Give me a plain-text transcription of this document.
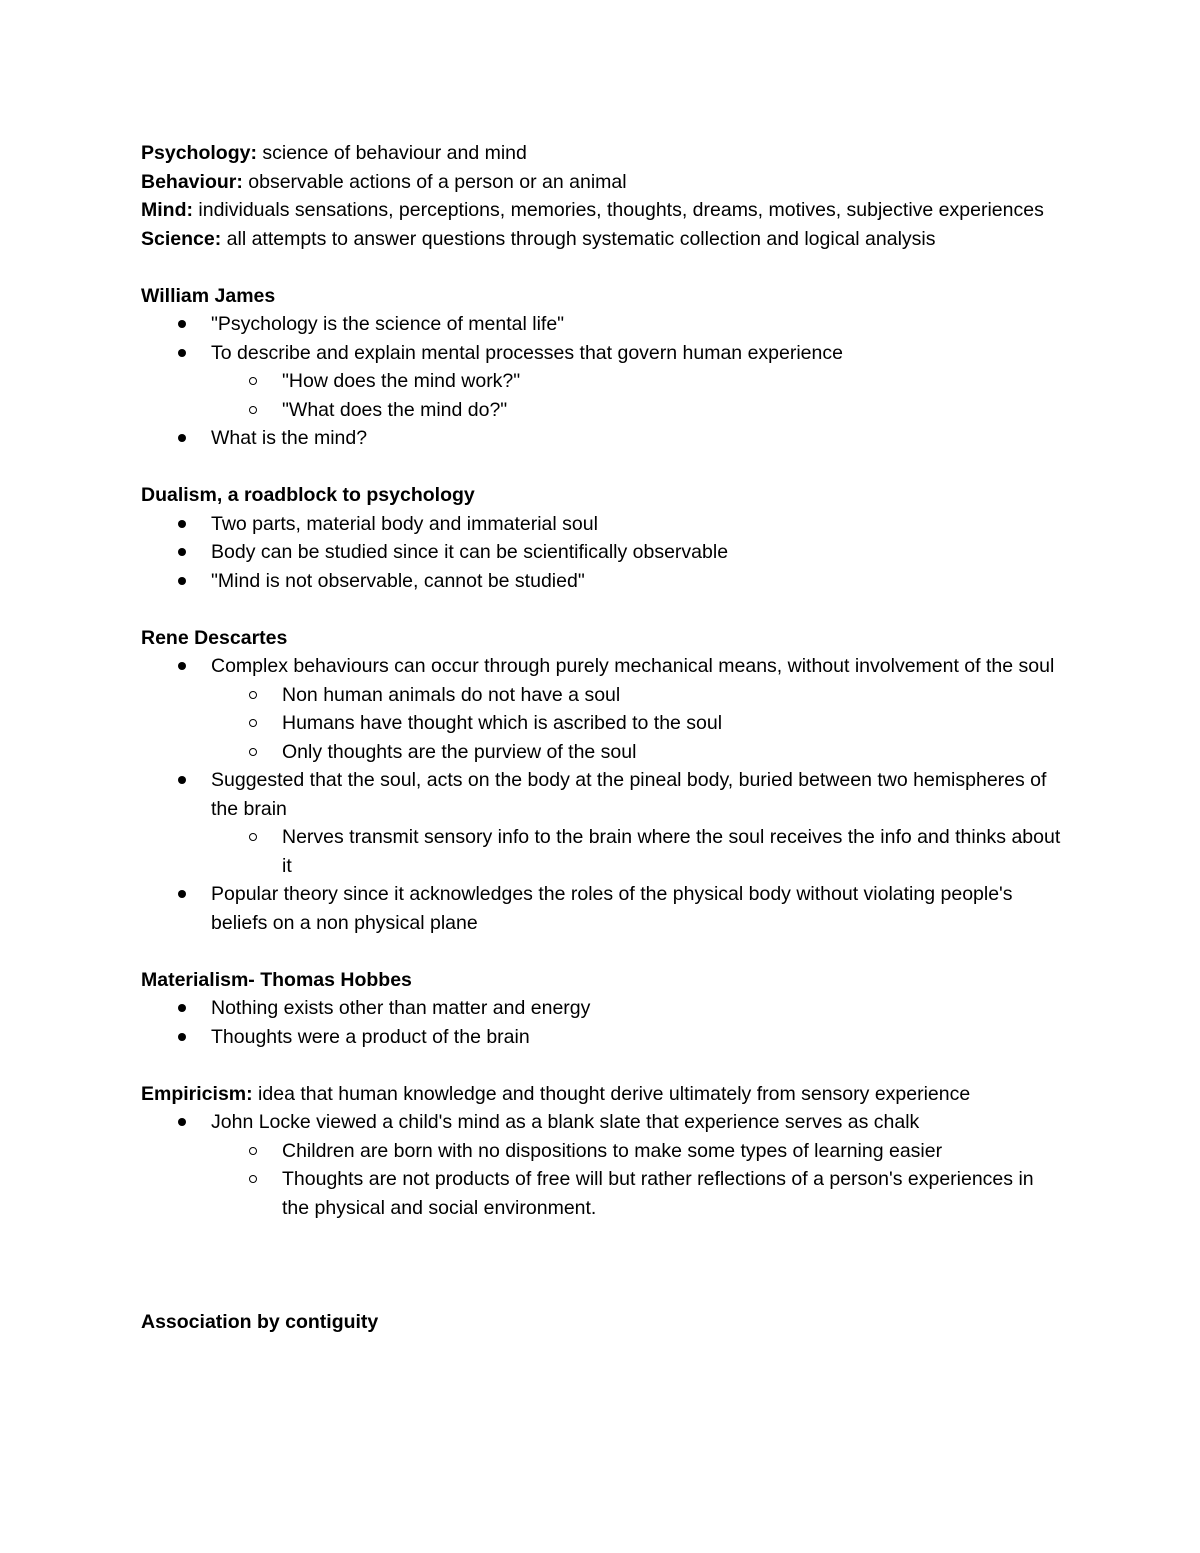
Psychology: science of behaviour and mind

Behaviour: observable actions of a person or an animal

Mind: individuals sensations, perceptions, memories, thoughts, dreams, motives, subjective experiences

Science: all attempts to answer questions through systematic collection and logical analysis

William James

"Psychology is the science of mental life"
To describe and explain mental processes that govern human experience
"How does the mind work?"
"What does the mind do?"
What is the mind?

Dualism, a roadblock to psychology

Two parts, material body and immaterial soul
Body can be studied since it can be scientifically observable
"Mind is not observable, cannot be studied"

Rene Descartes

Complex behaviours can occur through purely mechanical means, without involvement of the soul
Non human animals do not have a soul
Humans have thought which is ascribed to the soul
Only thoughts are the purview of the soul
Suggested that the soul, acts on the body at the pineal body, buried between two hemispheres of the brain
Nerves transmit sensory info to the brain where the soul receives the info and thinks about it
Popular theory since it acknowledges the roles of the physical body without violating people's beliefs on a non physical plane

Materialism- Thomas Hobbes

Nothing exists other than matter and energy
Thoughts were a product of the brain

Empiricism: idea that human knowledge and thought derive ultimately from sensory experience

John Locke viewed a child's mind as a blank slate that experience serves as chalk
Children are born with no dispositions to make some types of learning easier
Thoughts are not products of free will but rather reflections of a person's experiences in the physical and social environment.

Association by contiguity
